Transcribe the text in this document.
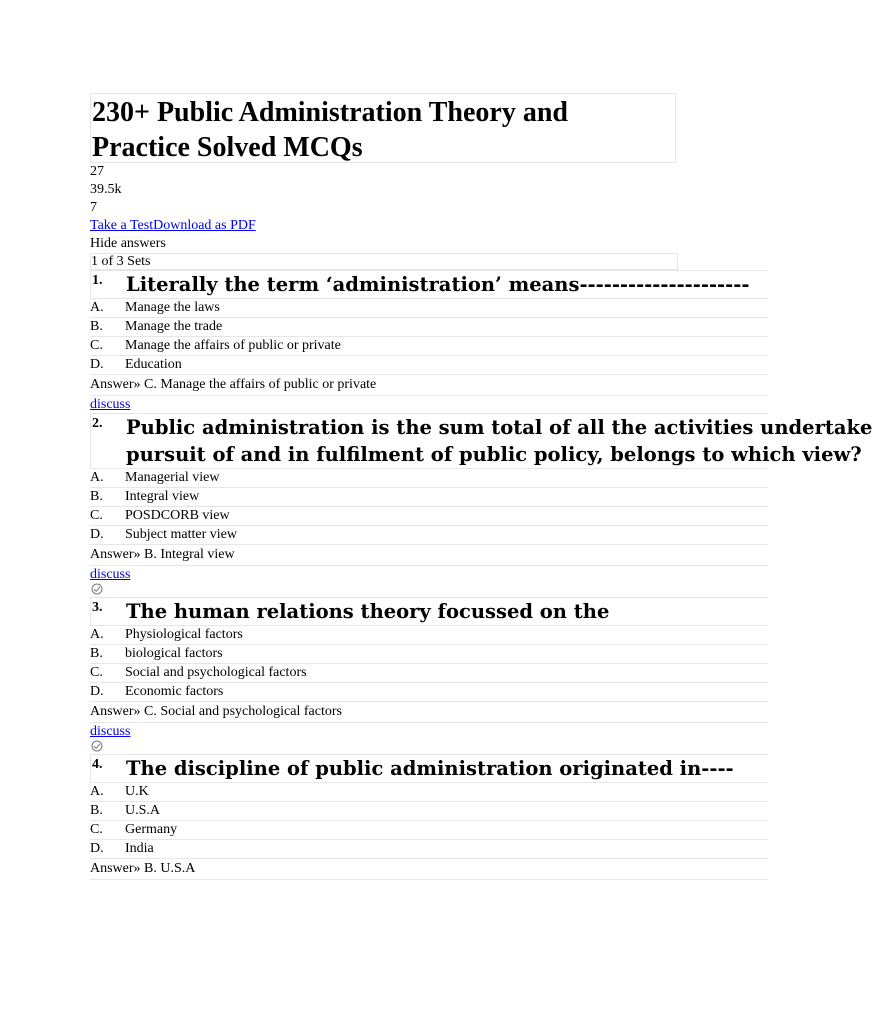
230+ Public Administration Theory and
Practice Solved MCQs
27
39.5k
7
Take a TestDownload as PDF
Hide answers
1 of 3 Sets
1.	Literally the term ‘administration’ means---------------------
A.	Manage the laws
B.	Manage the trade
C.	Manage the affairs of public or private
D.	Education
Answer» C. Manage the affairs of public or private
discuss
2.	Public administration is the sum total of all the activities undertake
pursuit of and in fulfilment of public policy, belongs to which view?
A.	Managerial view
B.	Integral view
C.	POSDCORB view
D.	Subject matter view
Answer» B. Integral view
discuss
3.	The human relations theory focussed on the
A.	Physiological factors
B.	biological factors
C.	Social and psychological factors
D.	Economic factors
Answer» C. Social and psychological factors
discuss
4.	The discipline of public administration originated in----
A.	U.K
B.	U.S.A
C.	Germany
D.	India
Answer» B. U.S.A
